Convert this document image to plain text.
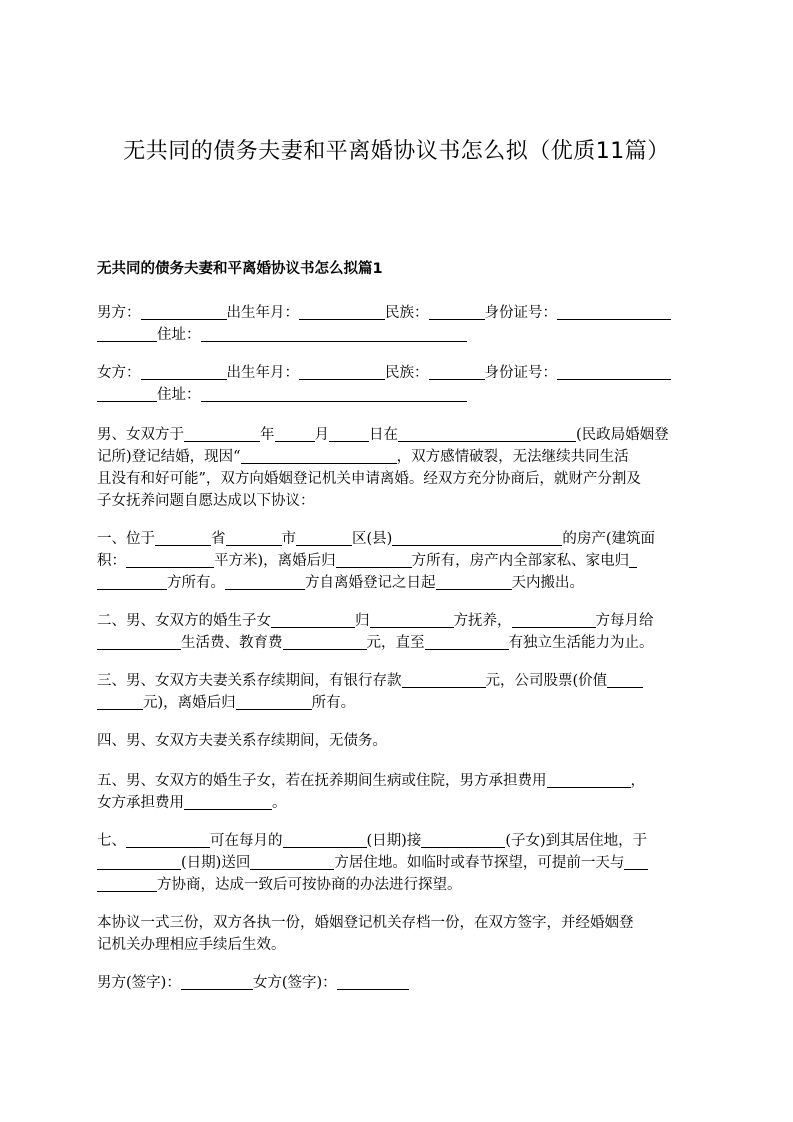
无共同的债务夫妻和平离婚协议书怎么拟（优质11篇）
无共同的债务夫妻和平离婚协议书怎么拟篇1
男方：	出生年月：	民族：	身份证号：
住址：
女方：	出生年月：	民族：	身份证号：
住址：
男、女双方于	年	月	日在	(民政局婚姻登
记所)登记结婚，现因“	，双方感情破裂，无法继续共同生活
且没有和好可能”，双方向婚姻登记机关申请离婚。经双方充分协商后，就财产分割及
子女抚养问题自愿达成以下协议：
一、位于	省	市	区(县)	的房产(建筑面
积：	平方米)，离婚后归	方所有，房产内全部家私、家电归
方所有。	方自离婚登记之日起	天内搬出。
二、男、女双方的婚生子女	归	方抚养，	方每月给
生活费、教育费	元，直至	有独立生活能力为止。
三、男、女双方夫妻关系存续期间，有银行存款	元，公司股票(价值
元)，离婚后归	所有。
四、男、女双方夫妻关系存续期间，无债务。
五、男、女双方的婚生子女，若在抚养期间生病或住院，男方承担费用	，
女方承担费用	。
七、	可在每月的	(日期)接	(子女)到其居住地，于
(日期)送回	方居住地。如临时或春节探望，可提前一天与
方协商，达成一致后可按协商的办法进行探望。
本协议一式三份，双方各执一份，婚姻登记机关存档一份，在双方签字，并经婚姻登
记机关办理相应手续后生效。
男方(签字)：	女方(签字)：
